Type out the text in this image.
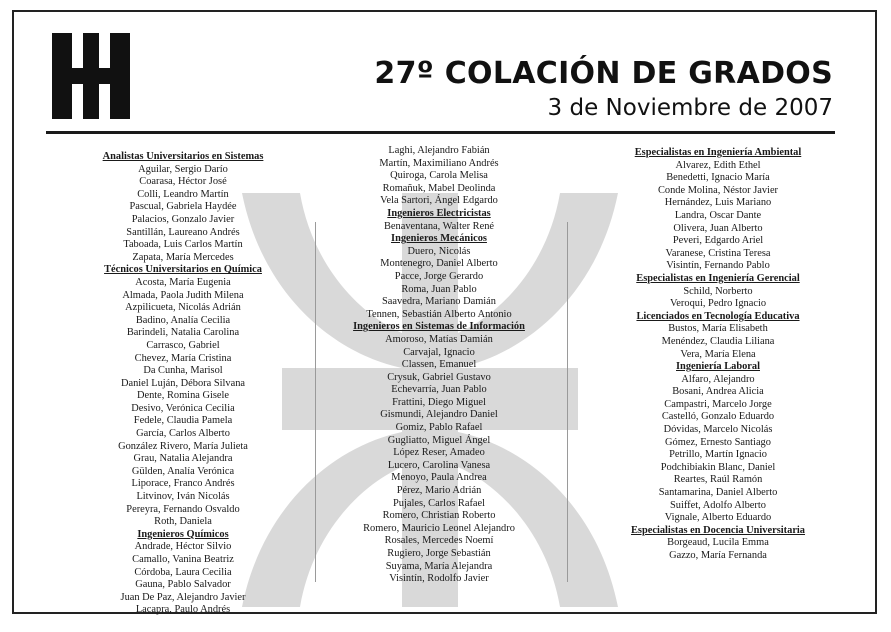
27º COLACIÓN DE GRADOS
3 de Noviembre de 2007
Analistas Universitarios en Sistemas
Aguilar, Sergio Darío
Coarasa, Héctor José
Colli, Leandro Martín
Pascual, Gabriela Haydée
Palacios, Gonzalo Javier
Santillán, Laureano Andrés
Taboada, Luis Carlos Martín
Zapata, María Mercedes
Técnicos Universitarios en Química
Acosta, María Eugenia
Almada, Paola Judith Milena
Azpilicueta, Nicolás Adrián
Badino, Analía Cecilia
Barindeli, Natalia Carolina
Carrasco, Gabriel
Chevez, María Cristina
Da Cunha, Marisol
Daniel Luján, Débora Silvana
Dente, Romina Gisele
Desivo, Verónica Cecilia
Fedele, Claudia Pamela
García, Carlos Alberto
González Rivero, María Julieta
Grau, Natalia Alejandra
Gülden, Analía Verónica
Liporace, Franco Andrés
Litvinov, Iván Nicolás
Pereyra, Fernando Osvaldo
Roth, Daniela
Ingenieros Químicos
Andrade, Héctor Silvio
Camallo, Vanina Beatriz
Córdoba, Laura Cecilia
Gauna, Pablo Salvador
Juan De Paz, Alejandro Javier
Lacapra, Paulo Andrés
Laghi, Alejandro Fabián
Martín, Maximiliano Andrés
Quiroga, Carola Melisa
Romañuk, Mabel Deolinda
Vela Sartori, Ángel Edgardo
Ingenieros Electricistas
Benaventana, Walter René
Ingenieros Mecánicos
Duero, Nicolás
Montenegro, Daniel Alberto
Pacce, Jorge Gerardo
Roma, Juan Pablo
Saavedra, Mariano Damián
Tennen, Sebastián Alberto Antonio
Ingenieros en Sistemas de Información
Amoroso, Matías Damián
Carvajal, Ignacio
Classen, Emanuel
Crysuk, Gabriel Gustavo
Echevarría, Juan Pablo
Frattini, Diego Miguel
Gismundi, Alejandro Daniel
Gomiz, Pablo Rafael
Gugliatto, Miguel Ángel
López Reser, Amadeo
Lucero, Carolina Vanesa
Menoyo, Paula Andrea
Pérez, Mario Adrián
Pujales, Carlos Rafael
Romero, Christian Roberto
Romero, Mauricio Leonel Alejandro
Rosales, Mercedes Noemí
Rugiero, Jorge Sebastián
Suyama, María Alejandra
Visintín, Rodolfo Javier
Especialistas en Ingeniería Ambiental
Alvarez, Edith Ethel
Benedetti, Ignacio María
Conde Molina, Néstor Javier
Hernández, Luis Mariano
Landra, Oscar Dante
Olivera, Juan Alberto
Peveri, Edgardo Ariel
Varanese, Cristina Teresa
Visintín, Fernando Pablo
Especialistas en Ingeniería Gerencial
Schild, Norberto
Veroqui, Pedro Ignacio
Licenciados en Tecnología Educativa
Bustos, María Elisabeth
Menéndez, Claudia Liliana
Vera, María Elena
Ingeniería Laboral
Alfaro, Alejandro
Bosani, Andrea Alicia
Campastri, Marcelo Jorge
Castelló, Gonzalo Eduardo
Dóvidas, Marcelo Nicolás
Gómez, Ernesto Santiago
Petrillo, Martín Ignacio
Podchibiakin Blanc, Daniel
Reartes, Raúl Ramón
Santamarina, Daniel Alberto
Suiffet, Adolfo Alberto
Vignale, Alberto Eduardo
Especialistas en Docencia Universitaria
Borgeaud, Lucila Emma
Gazzo, María Fernanda
